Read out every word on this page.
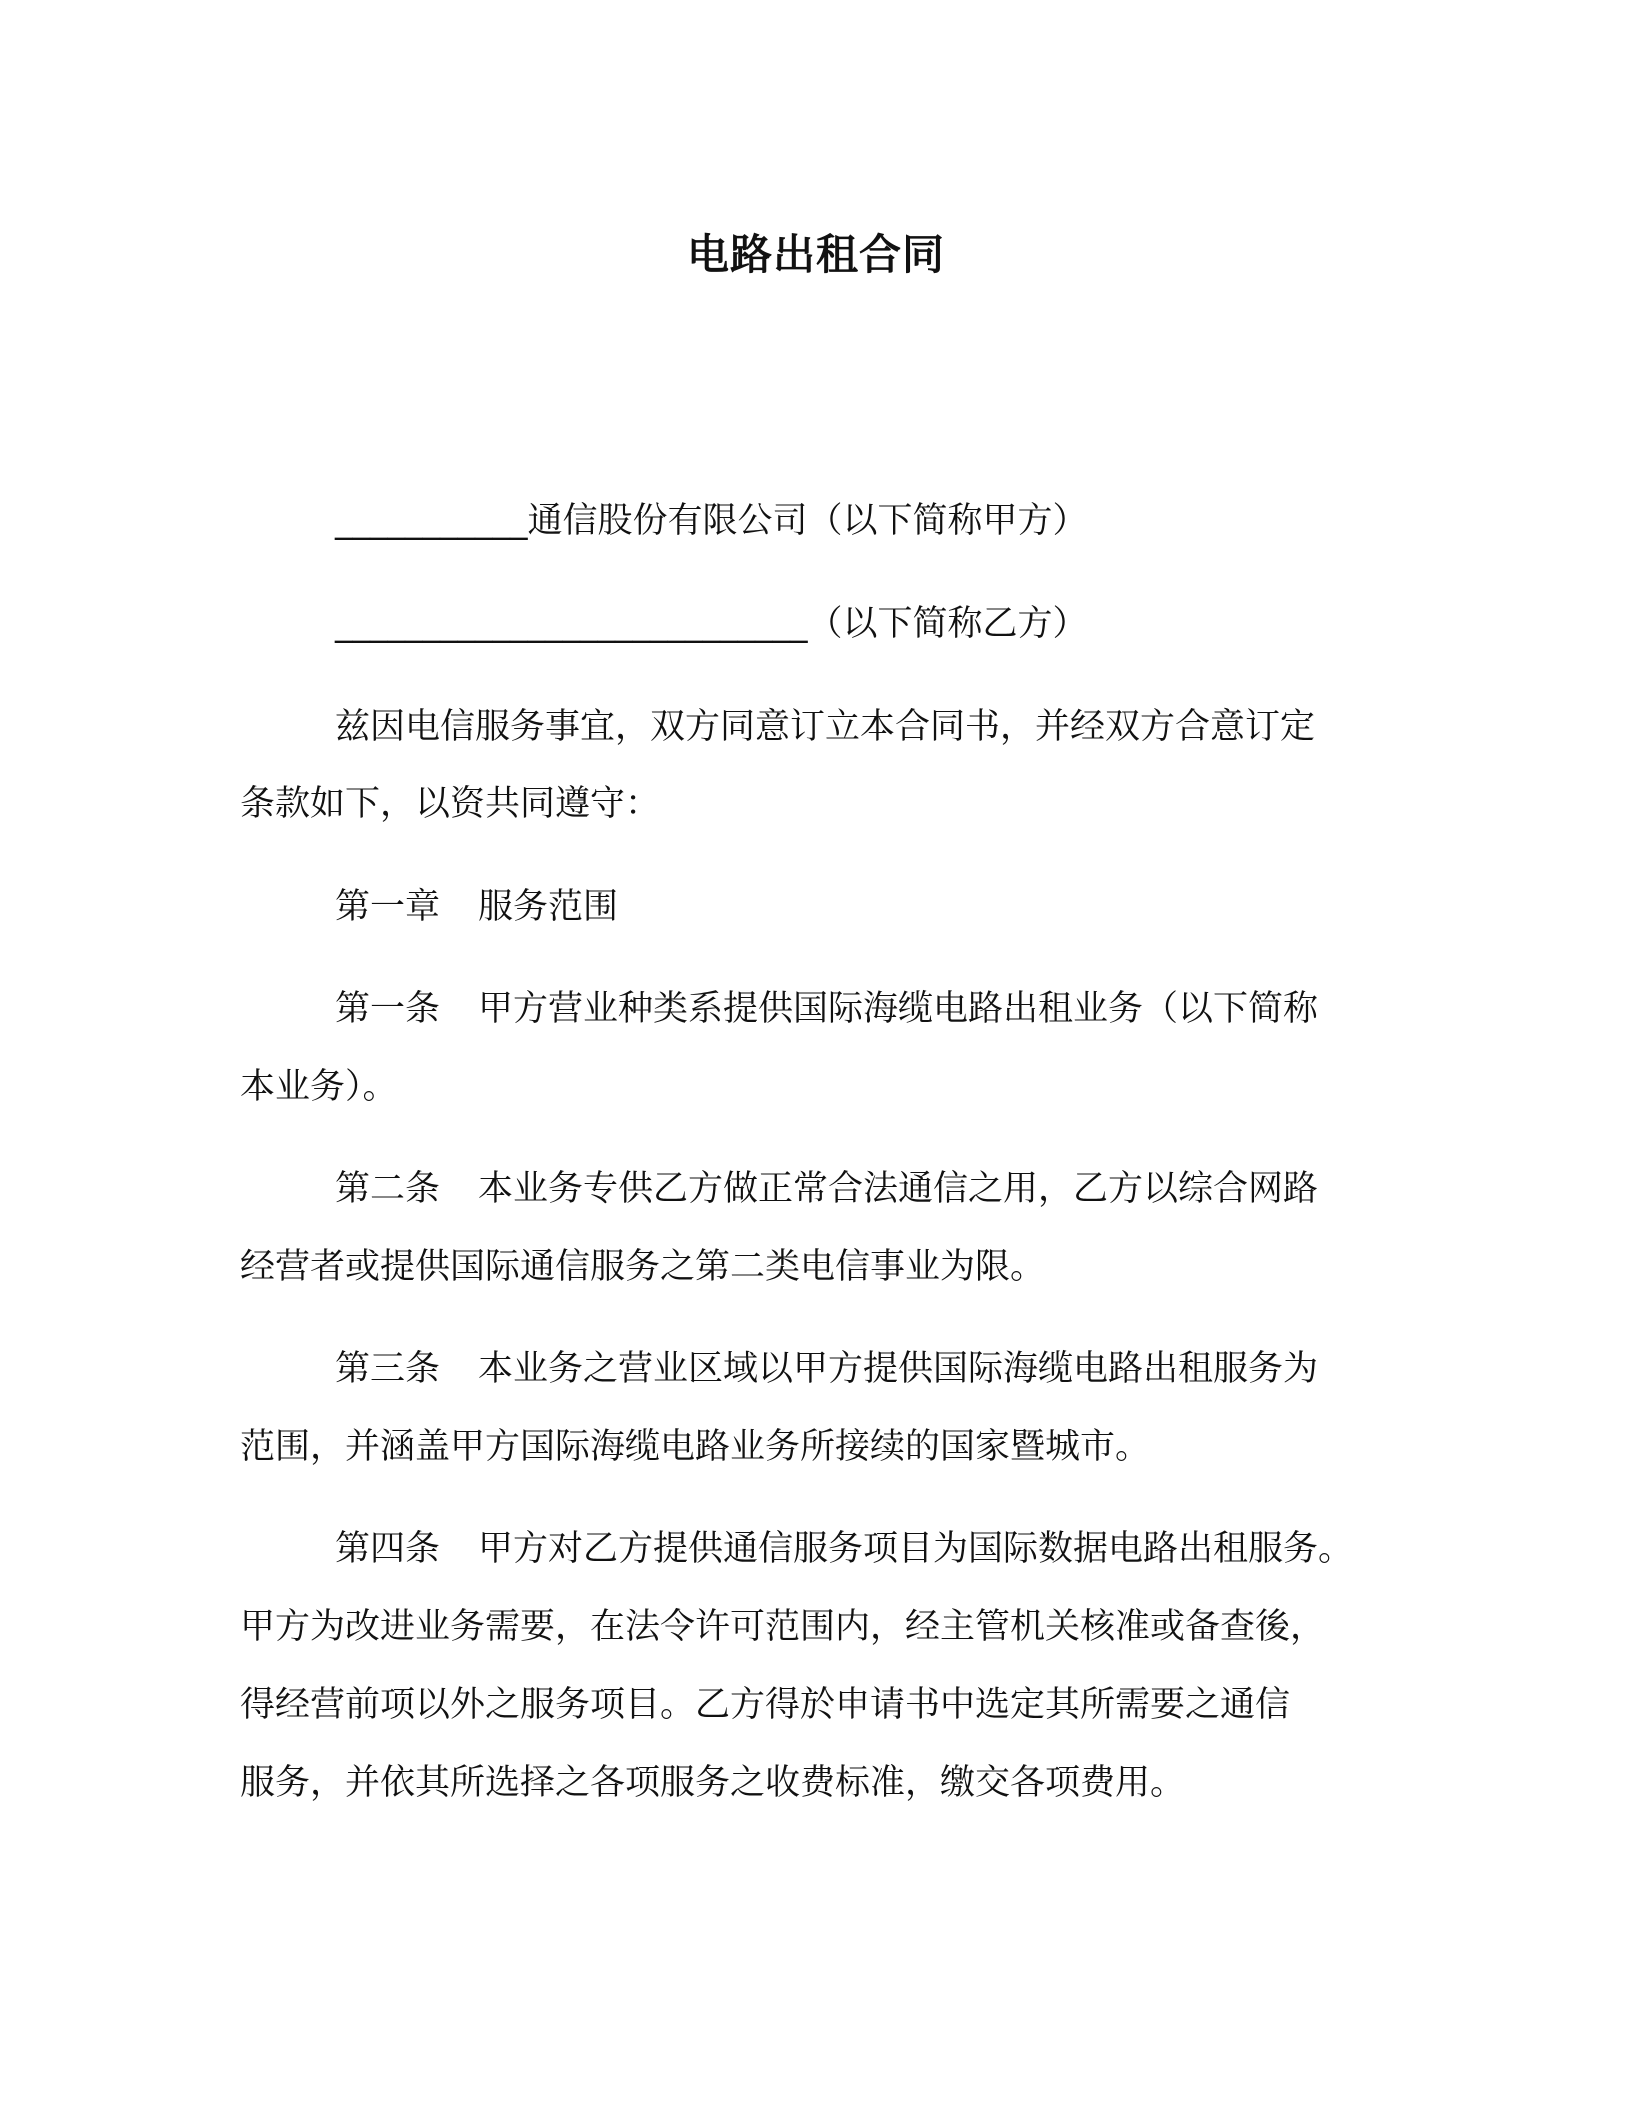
电路出租合同
___________通信股份有限公司（以下简称甲方）
___________________________（以下简称乙方）
兹因电信服务事宜，双方同意订立本合同书，并经双方合意订定
条款如下，以资共同遵守：
第一章 服务范围
第一条 甲方营业种类系提供国际海缆电路出租业务（以下简称
本业务）。
第二条 本业务专供乙方做正常合法通信之用，乙方以综合网路
经营者或提供国际通信服务之第二类电信事业为限。
第三条 本业务之营业区域以甲方提供国际海缆电路出租服务为
范围，并涵盖甲方国际海缆电路业务所接续的国家暨城市。
第四条 甲方对乙方提供通信服务项目为国际数据电路出租服务。
甲方为改进业务需要，在法令许可范围内，经主管机关核准或备查後，
得经营前项以外之服务项目。乙方得於申请书中选定其所需要之通信
服务，并依其所选择之各项服务之收费标准，缴交各项费用。
